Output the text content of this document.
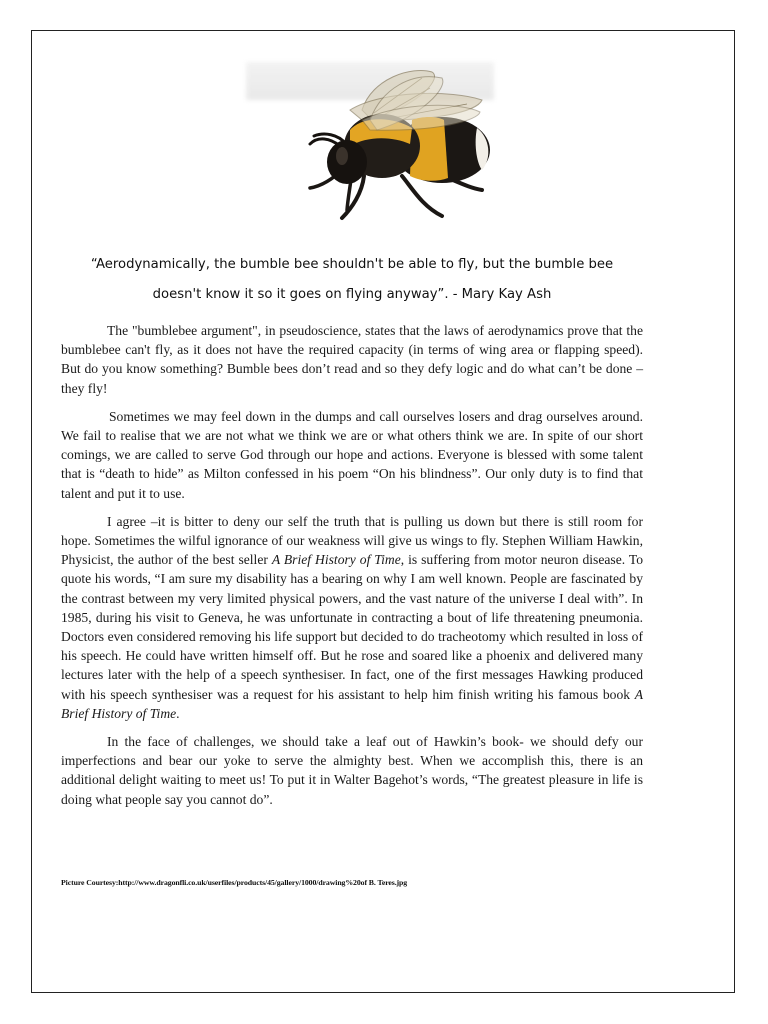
“Aerodynamically, the bumble bee shouldn't be able to fly, but the bumble bee
doesn't know it so it goes on flying anyway”. - Mary Kay Ash

The "bumblebee argument", in pseudoscience, states that the laws of aerodynamics prove that the bumblebee can't fly, as it does not have the required capacity (in terms of wing area or flapping speed). But do you know something? Bumble bees don’t read and so they defy logic and do what can’t be done – they fly!

Sometimes we may feel down in the dumps and call ourselves losers and drag ourselves around. We fail to realise that we are not what we think we are or what others think we are. In spite of our short comings, we are called to serve God through our hope and actions. Everyone is blessed with some talent that is “death to hide” as Milton confessed in his poem “On his blindness”. Our only duty is to find that talent and put it to use.

I agree –it is bitter to deny our self the truth that is pulling us down but there is still room for hope. Sometimes the wilful ignorance of our weakness will give us wings to fly. Stephen William Hawkin, Physicist, the author of the best seller A Brief History of Time, is suffering from motor neuron disease. To quote his words, “I am sure my disability has a bearing on why I am well known. People are fascinated by the contrast between my very limited physical powers, and the vast nature of the universe I deal with”. In 1985, during his visit to Geneva, he was unfortunate in contracting a bout of life threatening pneumonia. Doctors even considered removing his life support but decided to do tracheotomy which resulted in loss of his speech. He could have written himself off. But he rose and soared like a phoenix and delivered many lectures later with the help of a speech synthesiser. In fact, one of the first messages Hawking produced with his speech synthesiser was a request for his assistant to help him finish writing his famous book A Brief History of Time.

In the face of challenges, we should take a leaf out of Hawkin’s book- we should defy our imperfections and bear our yoke to serve the almighty best. When we accomplish this, there is an additional delight waiting to meet us! To put it in Walter Bagehot’s words, “The greatest pleasure in life is doing what people say you cannot do”.

Picture Courtesy:http://www.dragonfli.co.uk/userfiles/products/45/gallery/1000/drawing%20of B. Teres.jpg
